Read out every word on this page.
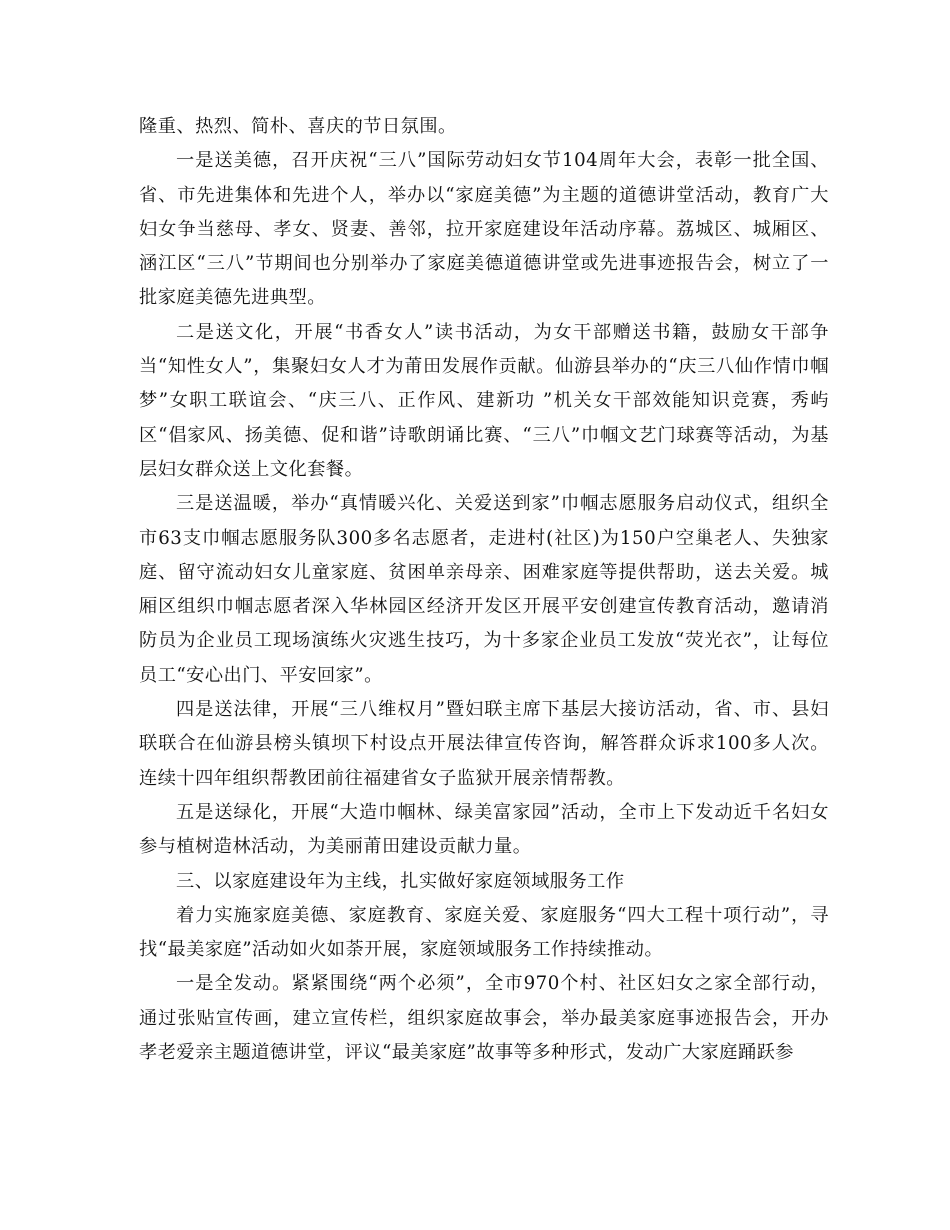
隆重、热烈、简朴、喜庆的节日氛围。

一是送美德，召开庆祝“三八”国际劳动妇女节104周年大会，表彰一批全国、省、市先进集体和先进个人，举办以“家庭美德”为主题的道德讲堂活动，教育广大妇女争当慈母、孝女、贤妻、善邻，拉开家庭建设年活动序幕。荔城区、城厢区、涵江区“三八”节期间也分别举办了家庭美德道德讲堂或先进事迹报告会，树立了一批家庭美德先进典型。

二是送文化，开展“书香女人”读书活动，为女干部赠送书籍，鼓励女干部争当“知性女人”，集聚妇女人才为莆田发展作贡献。仙游县举办的“庆三八仙作情巾帼梦”女职工联谊会、“庆三八、正作风、建新功 ”机关女干部效能知识竞赛，秀屿区“倡家风、扬美德、促和谐”诗歌朗诵比赛、“三八”巾帼文艺门球赛等活动，为基层妇女群众送上文化套餐。

三是送温暖，举办“真情暖兴化、关爱送到家”巾帼志愿服务启动仪式，组织全市63支巾帼志愿服务队300多名志愿者，走进村(社区)为150户空巢老人、失独家庭、留守流动妇女儿童家庭、贫困单亲母亲、困难家庭等提供帮助，送去关爱。城厢区组织巾帼志愿者深入华林园区经济开发区开展平安创建宣传教育活动，邀请消防员为企业员工现场演练火灾逃生技巧，为十多家企业员工发放“荧光衣”，让每位员工“安心出门、平安回家”。

四是送法律，开展“三八维权月”暨妇联主席下基层大接访活动，省、市、县妇联联合在仙游县榜头镇坝下村设点开展法律宣传咨询，解答群众诉求100多人次。连续十四年组织帮教团前往福建省女子监狱开展亲情帮教。

五是送绿化，开展“大造巾帼林、绿美富家园”活动，全市上下发动近千名妇女参与植树造林活动，为美丽莆田建设贡献力量。

三、以家庭建设年为主线，扎实做好家庭领域服务工作

着力实施家庭美德、家庭教育、家庭关爱、家庭服务“四大工程十项行动”，寻找“最美家庭”活动如火如荼开展，家庭领域服务工作持续推动。

一是全发动。紧紧围绕“两个必须”，全市970个村、社区妇女之家全部行动，通过张贴宣传画，建立宣传栏，组织家庭故事会，举办最美家庭事迹报告会，开办孝老爱亲主题道德讲堂，评议“最美家庭”故事等多种形式，发动广大家庭踊跃参
